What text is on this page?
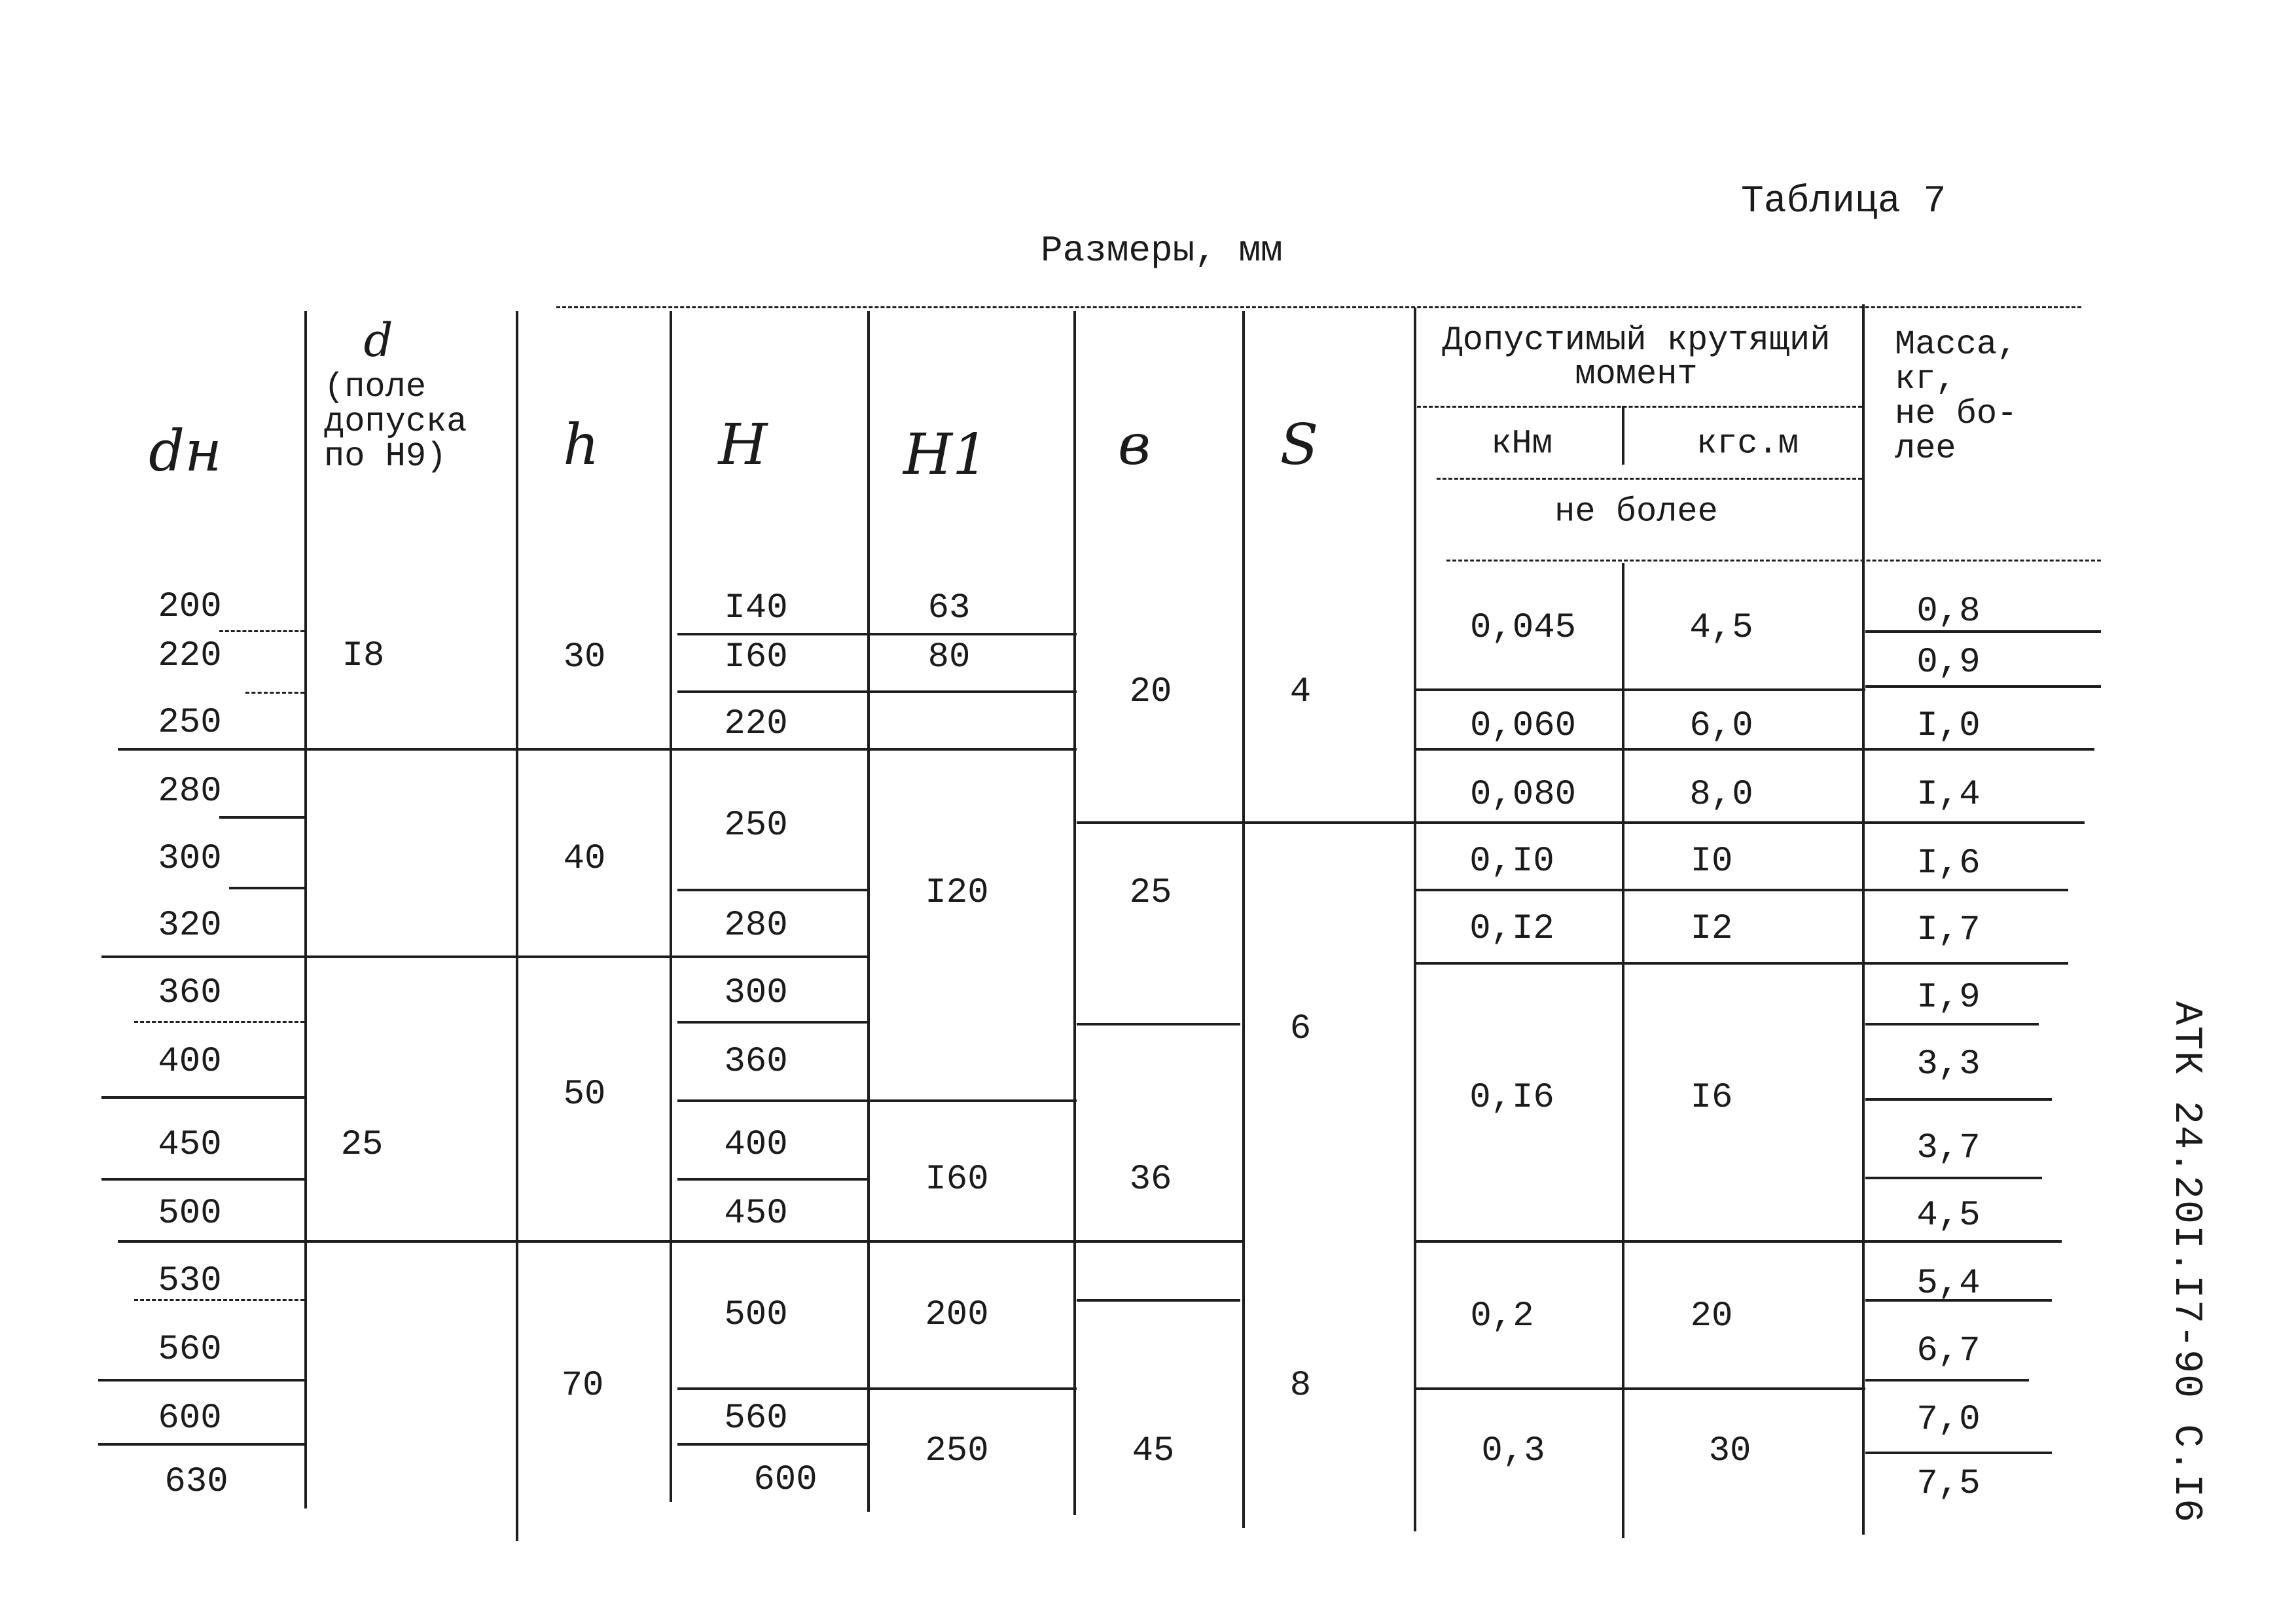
Таблица 7
Размеры, мм
АТК 24.20I.I7-90 С.I6
dн
d
(поле
допуска
по H9) h H H1 в S
Допустимый крутящий
момент
кНм	кгс.м
не более
Масса,
кг,
не бо-
лее
200
220
250
280
300
320
360
400
450
500
530
560
600
630
I8
25
30
40
50
70
I40
I60
220
250
280
300
360
400
450
500
560
600
63
80
I20
I60
200
250
20
25
36
45
4
6
8
0,045
0,060
0,080
0,I0
0,I2
0,I6
0,2
0,3
4,5
6,0
8,0
I0
I2
I6
20
30
0,8
0,9
I,0
I,4
I,6
I,7
I,9
3,3
3,7
4,5
5,4
6,7
7,0
7,5
